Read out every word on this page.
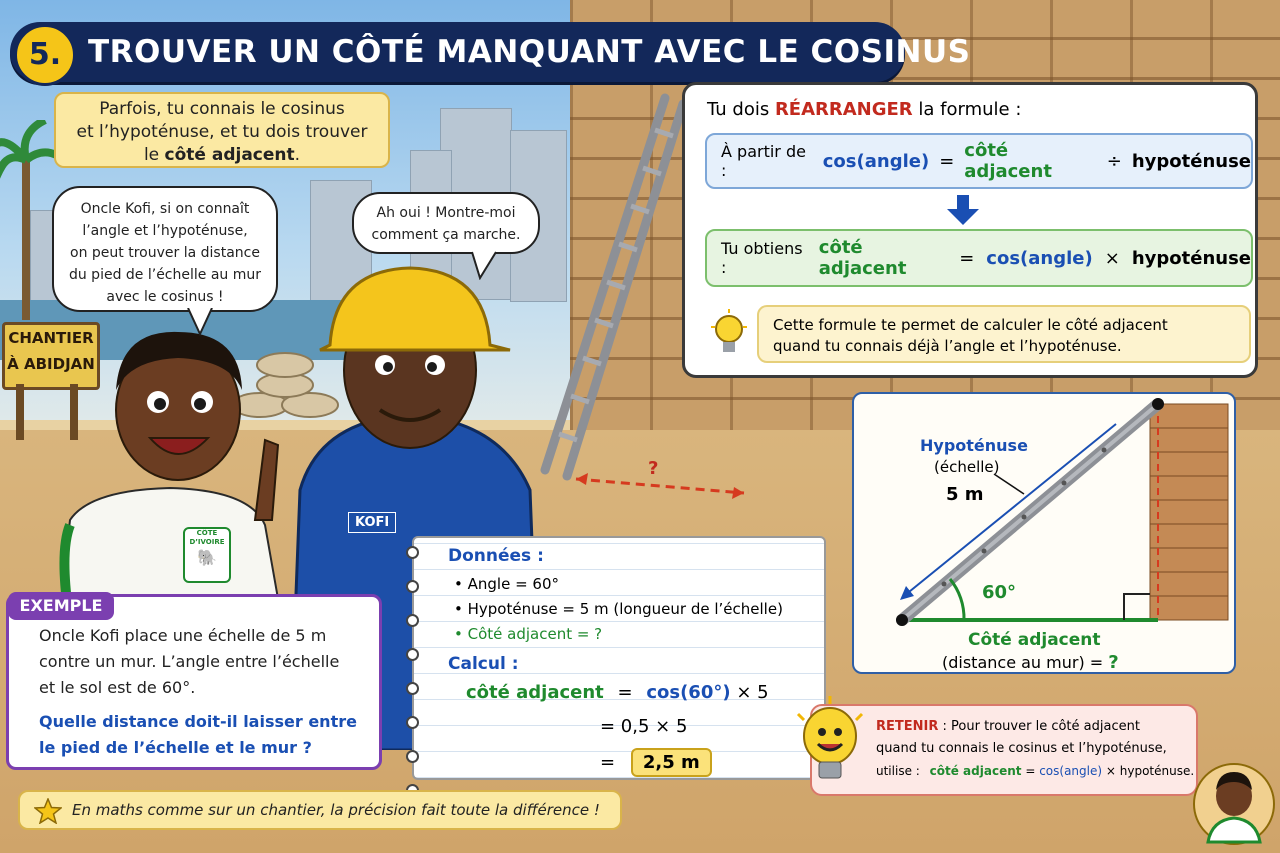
CHANTIER
À ABIDJAN
?
CÔTE
D’IVOIRE
🐘
KOFI
5. TROUVER UN CÔTÉ MANQUANT AVEC LE COSINUS
Parfois, tu connais le cosinus
et l’hypoténuse, et tu dois trouver
le côté adjacent.
Oncle Kofi, si on connaît
l’angle et l’hypoténuse,
on peut trouver la distance
du pied de l’échelle au mur
avec le cosinus !
Ah oui ! Montre-moi
comment ça marche.
Tu dois RÉARRANGER la formule :
À partir de :	cos(angle) = côté adjacent	÷ hypoténuse
Tu obtiens :
côté adjacent	= cos(angle) × hypoténuse
Cette formule te permet de calculer le côté adjacent
quand tu connais déjà l’angle et l’hypoténuse.
Hypoténuse
(échelle)
5 m
60°
Côté adjacent
(distance au mur) = ?
Oncle Kofi place une échelle de 5 m
contre un mur. L’angle entre l’échelle
et le sol est de 60°.
Quelle distance doit-il laisser entre
le pied de l’échelle et le mur ?
EXEMPLE
Données :
• Angle = 60°
• Hypoténuse = 5 m (longueur de l’échelle)
• Côté adjacent = ?
Calcul :
côté adjacent = cos(60°) × 5
= 0,5 × 5
= 2,5 m
RETENIR : Pour trouver le côté adjacent
quand tu connais le cosinus et l’hypoténuse,
utilise : côté adjacent = cos(angle) × hypoténuse.
En maths comme sur un chantier, la précision fait toute la différence !
